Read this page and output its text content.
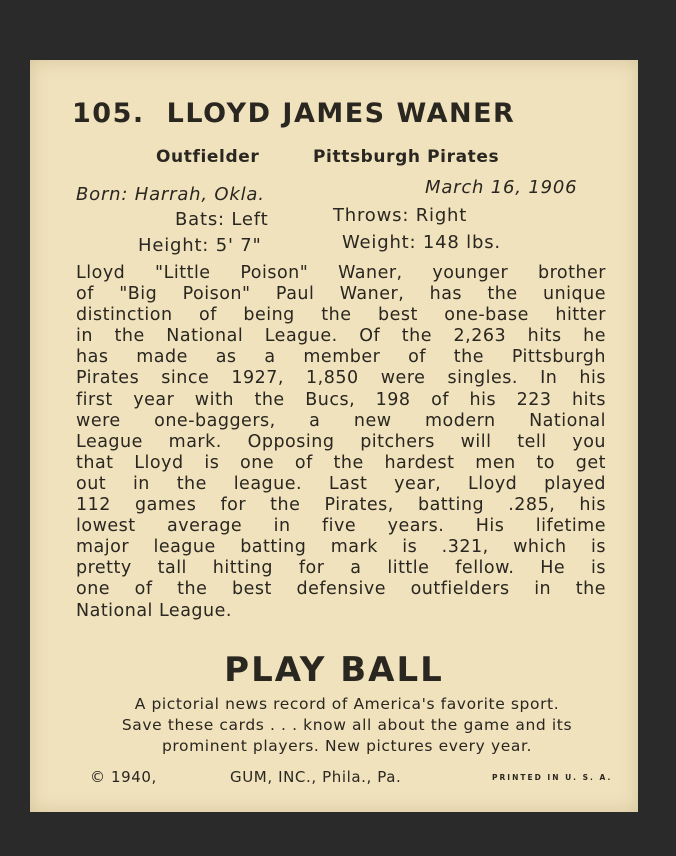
105. LLOYD JAMES WANER
Outfielder	Pittsburgh Pirates
Born: Harrah, Okla.	March 16, 1906
Bats: Left	Throws: Right
Height: 5' 7"	Weight: 148 lbs.
Lloyd "Little Poison" Waner, younger brother
of "Big Poison" Paul Waner, has the unique
distinction of being the best one-base hitter
in the National League. Of the 2,263 hits he
has made as a member of the Pittsburgh
Pirates since 1927, 1,850 were singles. In his
first year with the Bucs, 198 of his 223 hits
were one-baggers, a new modern National
League mark. Opposing pitchers will tell you
that Lloyd is one of the hardest men to get
out in the league. Last year, Lloyd played
112 games for the Pirates, batting .285, his
lowest average in five years. His lifetime
major league batting mark is .321, which is
pretty tall hitting for a little fellow. He is
one of the best defensive outfielders in the
National League.
PLAY BALL
A pictorial news record of America's favorite sport.
Save these cards . . . know all about the game and its
prominent players. New pictures every year.
© 1940,	GUM, INC., Phila., Pa.	PRINTED IN U. S. A.
